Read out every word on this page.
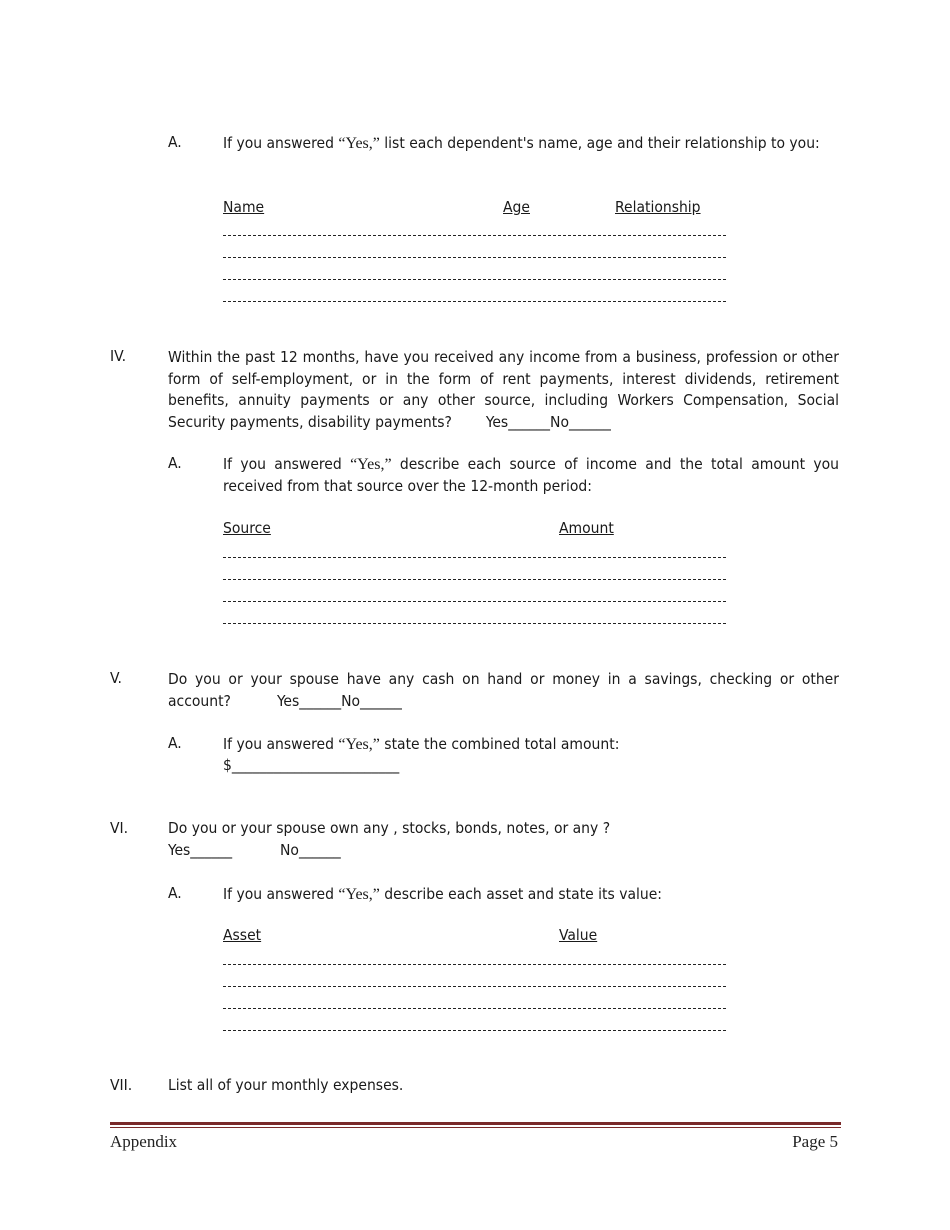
A.	If you answered “Yes,” list each dependent's name, age and their relationship to you:
Name	Age	Relationship
IV.	Within the past 12 months, have you received any income from a business, profession or other form of self-employment, or in the form of rent payments, interest dividends, retirement benefits, annuity payments or any other source, including Workers Compensation, Social Security payments, disability payments? Yes______No______
A.	If you answered “Yes,” describe each source of income and the total amount you received from that source over the 12-month period:
Source	Amount
V.	Do you or your spouse have any cash on hand or money in a savings, checking or other account?	Yes______No______
A.	If you answered “Yes,” state the combined total amount:
$________________________
VI.	Do you or your spouse own any , stocks, bonds, notes, or any ?
Yes______	No______
A.	If you answered “Yes,” describe each asset and state its value:
Asset	Value
VII. List all of your monthly expenses.
Appendix	Page 5
